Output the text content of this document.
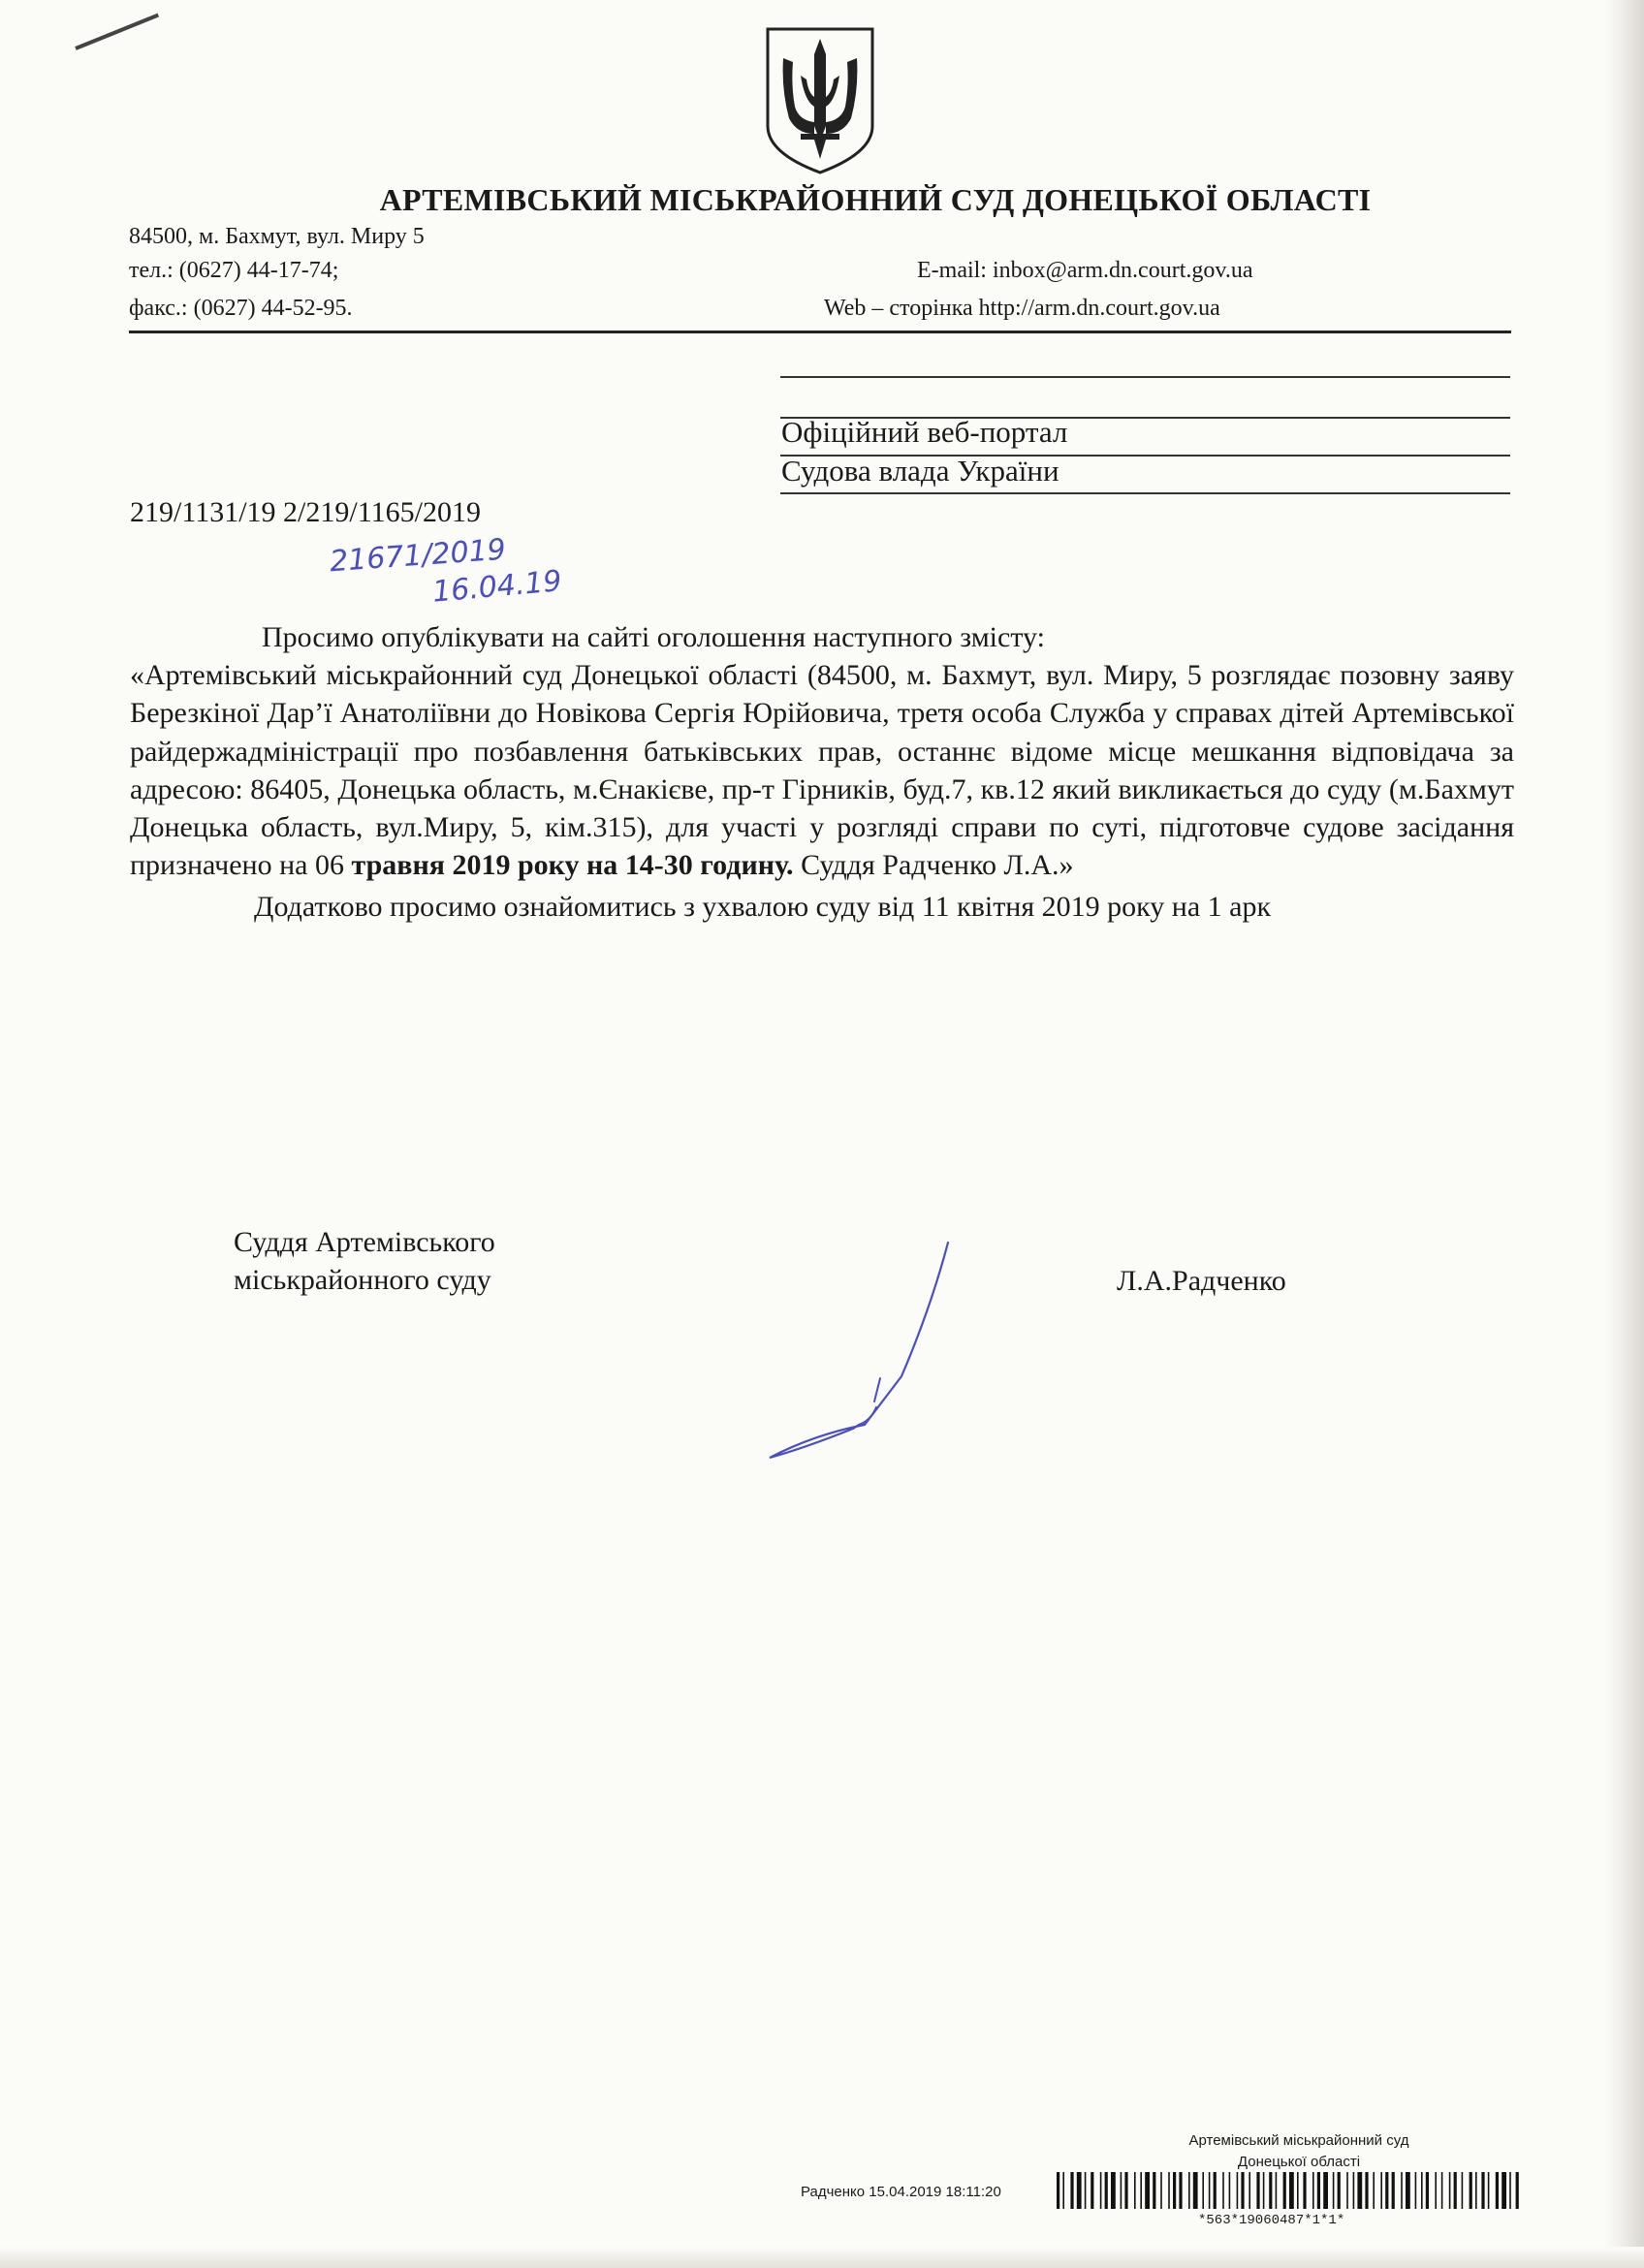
АРТЕМІВСЬКИЙ МІСЬКРАЙОННИЙ СУД ДОНЕЦЬКОЇ ОБЛАСТІ
84500, м. Бахмут, вул. Миру 5
тел.: (0627) 44-17-74;
факс.: (0627) 44-52-95.
E-mail: inbox@arm.dn.court.gov.ua
Web – сторінка http://arm.dn.court.gov.ua
Офіційний веб-портал
Судова влада України
219/1131/19 2/219/1165/2019
21671/2019
16.04.19

Просимо опублікувати на сайті оголошення наступного змісту:

«Артемівський міськрайонний суд Донецької області (84500, м. Бахмут, вул. Миру, 5 розглядає позовну заяву Березкіної Дар’ї Анатоліївни до Новікова Сергія Юрійовича, третя особа Служба у справах дітей Артемівської райдержадміністрації про позбавлення батьківських прав, останнє відоме місце мешкання відповідача за адресою: 86405, Донецька область, м.Єнакієве, пр-т Гірників, буд.7, кв.12 який викликається до суду (м.Бахмут Донецька область, вул.Миру, 5, кім.315), для участі у розгляді справи по суті, підготовче судове засідання призначено на 06 травня 2019 року на 14-30 годину. Суддя Радченко Л.А.»

Додатково просимо ознайомитись з ухвалою суду від 11 квітня 2019 року на 1 арк

Суддя Артемівського
міськрайонного суду	Л.А.Радченко
Артемівський міськрайонний суд
Донецької області
Радченко 15.04.2019 18:11:20
*563*19060487*1*1*
